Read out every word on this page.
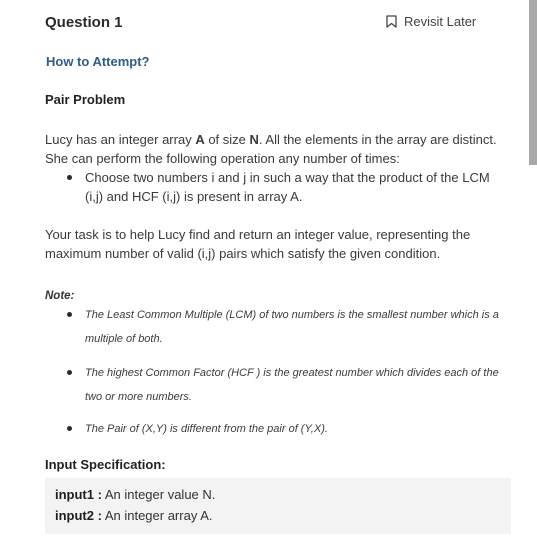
Question 1	Revisit Later
How to Attempt?
Pair Problem
Lucy has an integer array A of size N. All the elements in the array are distinct. She can perform the following operation any number of times:
Choose two numbers i and j in such a way that the product of the LCM (i,j) and HCF (i,j) is present in array A.
Your task is to help Lucy find and return an integer value, representing the maximum number of valid (i,j) pairs which satisfy the given condition.
Note:
The Least Common Multiple (LCM) of two numbers is the smallest number which is a multiple of both.
The highest Common Factor (HCF ) is the greatest number which divides each of the two or more numbers.
The Pair of (X,Y) is different from the pair of (Y,X).
Input Specification:
input1 : An integer value N.
input2 : An integer array A.
